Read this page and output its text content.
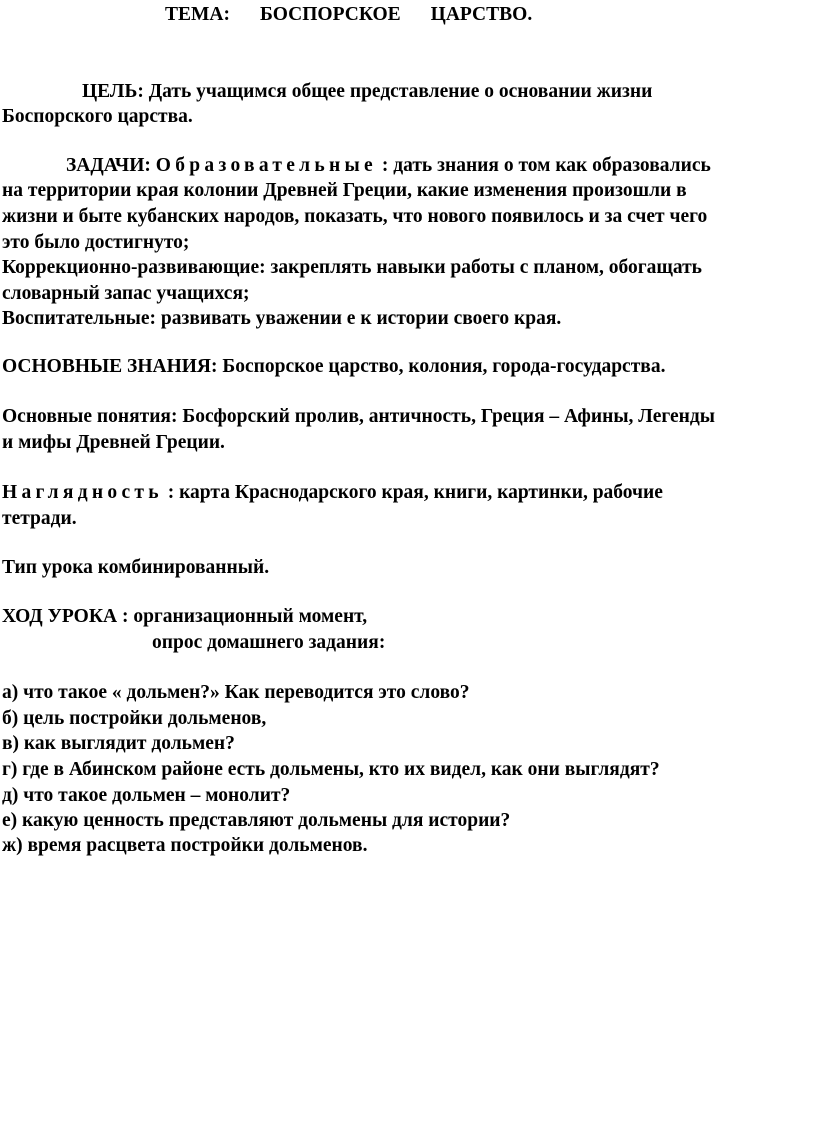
ТЕМА: БОСПОРСКОЕ ЦАРСТВО.
ЦЕЛЬ: Дать учащимся общее представление о основании жизни
Боспорского царства.
ЗАДАЧИ: Образовательные : дать знания о том как образовались
на территории края колонии Древней Греции, какие изменения произошли в
жизни и быте кубанских народов, показать, что нового появилось и за счет чего
это было достигнуто;
Коррекционно-развивающие: закреплять навыки работы с планом, обогащать
словарный запас учащихся;
Воспитательные: развивать уважении е к истории своего края.
ОСНОВНЫЕ ЗНАНИЯ: Боспорское царство, колония, города-государства.
Основные понятия: Босфорский пролив, античность, Греция – Афины, Легенды
и мифы Древней Греции.
Наглядность : карта Краснодарского края, книги, картинки, рабочие
тетради.
Тип урока комбинированный.
ХОД УРОКА : организационный момент,
опрос домашнего задания:
а) что такое « дольмен?» Как переводится это слово?
б) цель постройки дольменов,
в) как выглядит дольмен?
г) где в Абинском районе есть дольмены, кто их видел, как они выглядят?
д) что такое дольмен – монолит?
е) какую ценность представляют дольмены для истории?
ж) время расцвета постройки дольменов.
